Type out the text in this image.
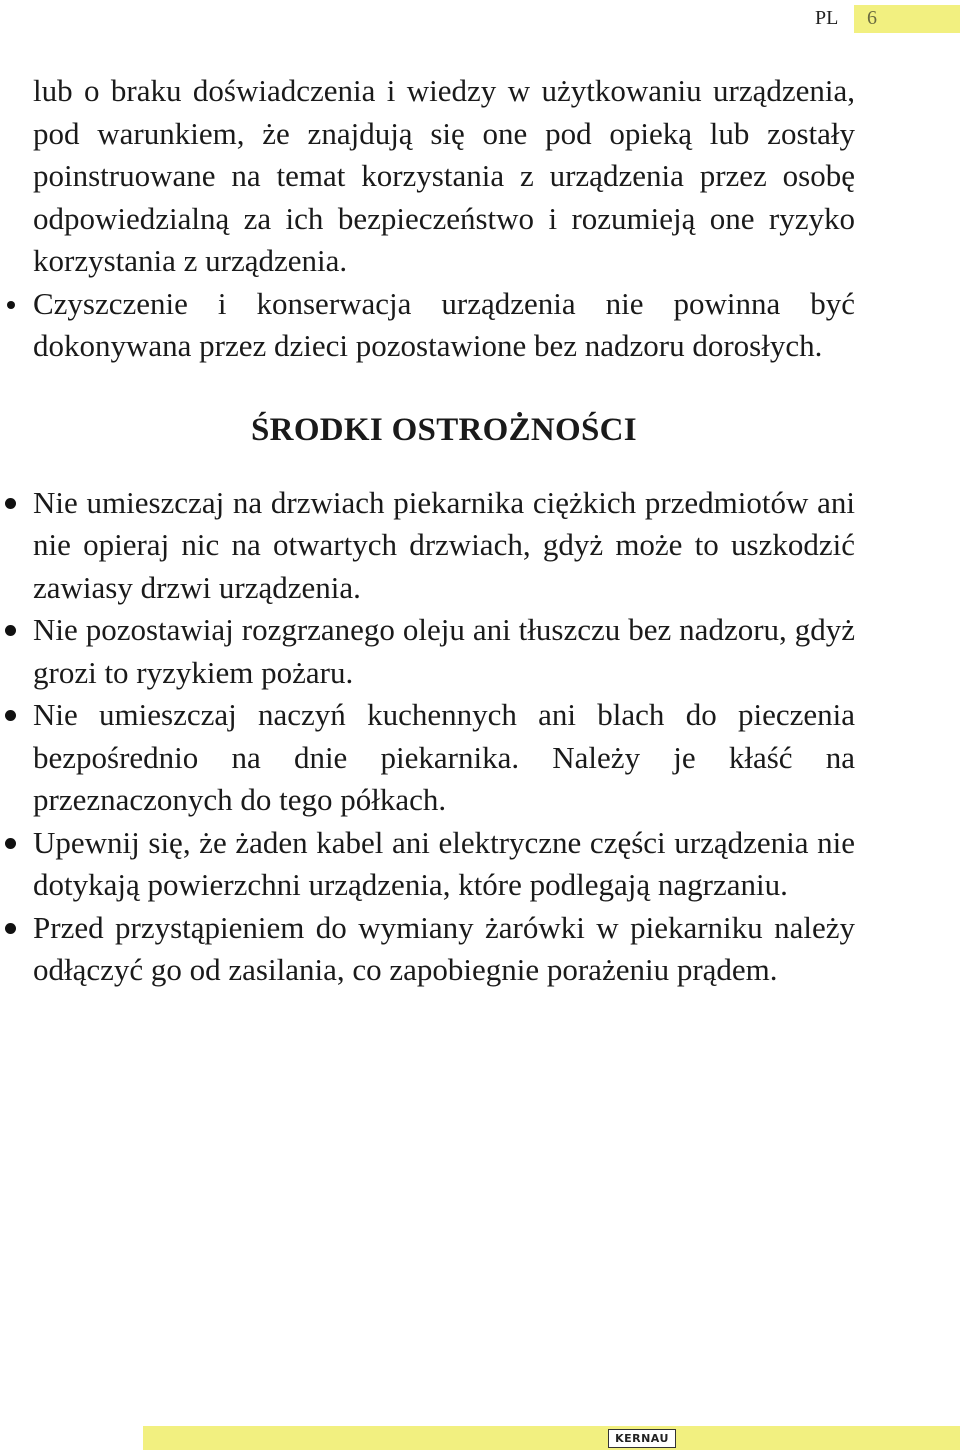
PL 6

lub o braku doświadczenia i wiedzy w użytkowaniu urządzenia, pod warunkiem, że znajdują się one pod opieką lub zostały poinstruowane na temat korzystania z urządzenia przez osobę odpowiedzialną za ich bezpieczeństwo i rozumieją one ryzyko korzystania z urządzenia.

Czyszczenie i konserwacja urządzenia nie powinna być dokonywana przez dzieci pozostawione bez nadzoru dorosłych.
ŚRODKI OSTROŻNOŚCI
Nie umieszczaj na drzwiach piekarnika ciężkich przedmiotów ani nie opieraj nic na otwartych drzwiach, gdyż może to uszkodzić zawiasy drzwi urządzenia.
Nie pozostawiaj rozgrzanego oleju ani tłuszczu bez nadzoru, gdyż grozi to ryzykiem pożaru.
Nie umieszczaj naczyń kuchennych ani blach do pieczenia bezpośrednio na dnie piekarnika. Należy je kłaść na przeznaczonych do tego półkach.
Upewnij się, że żaden kabel ani elektryczne części urządzenia nie dotykają powierzchni urządzenia, które podlegają nagrzaniu.
Przed przystąpieniem do wymiany żarówki w piekarniku należy odłączyć go od zasilania, co zapobiegnie porażeniu prądem.
KERNAU
